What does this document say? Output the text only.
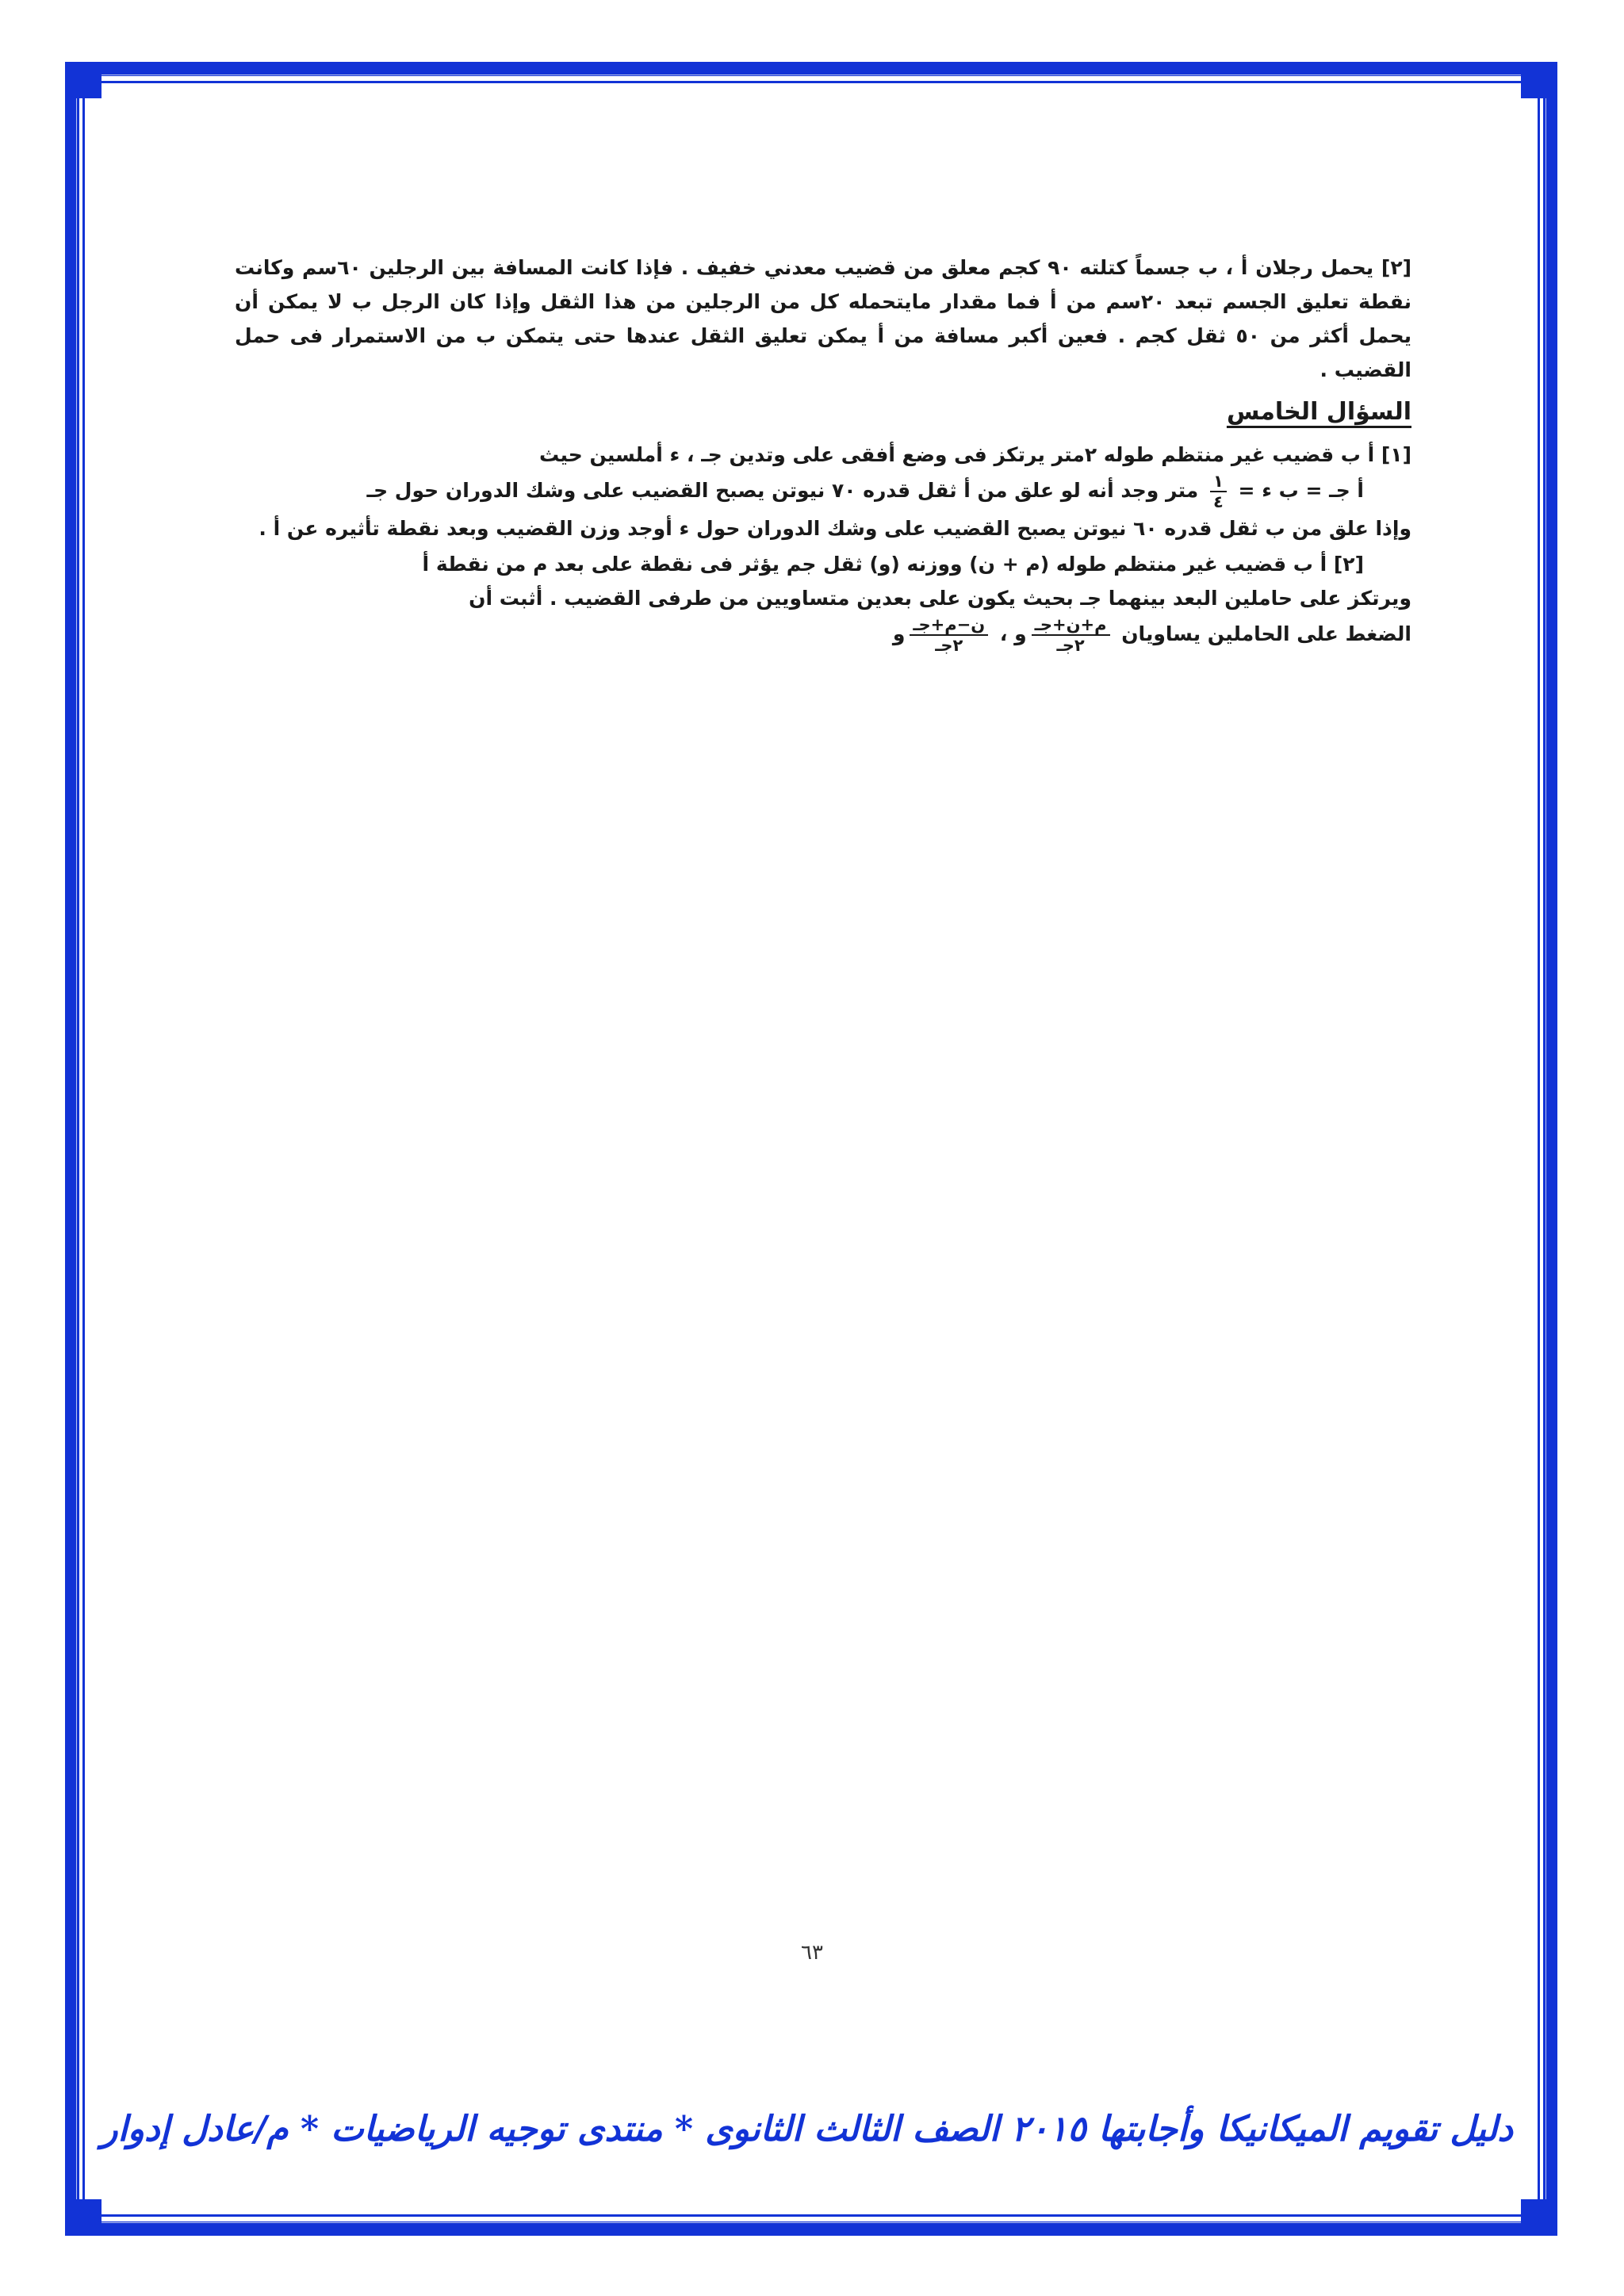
[٢] يحمل رجلان أ ، ب جسماً كتلته ٩٠ كجم معلق من قضيب معدني خفيف . فإذا كانت المسافة بين الرجلين ٦٠سم وكانت نقطة تعليق الجسم تبعد ٢٠سم من أ فما مقدار مايتحمله كل من الرجلين من هذا الثقل وإذا كان الرجل ب لا يمكن أن يحمل أكثر من ٥٠ ثقل كجم . فعين أكبر مسافة من أ يمكن تعليق الثقل عندها حتى يتمكن ب من الاستمرار فى حمل القضيب .

السؤال الخامس
[١] أ ب قضيب غير منتظم طوله ٢متر يرتكز فى وضع أفقى على وتدين جـ ، ء أملسين حيث
أ جـ = ب ء =
$\frac{١}{٤}$
متر وجد أنه لو علق من أ ثقل قدره ٧٠ نيوتن يصبح القضيب على وشك الدوران حول جـ
وإذا علق من ب ثقل قدره ٦٠ نيوتن يصبح القضيب على وشك الدوران حول ء أوجد وزن القضيب وبعد نقطة تأثيره عن أ .
[٢] أ ب قضيب غير منتظم طوله (م + ن) ووزنه (و) ثقل جم يؤثر فى نقطة على بعد م من نقطة أ
ويرتكز على حاملين البعد بينهما جـ بحيث يكون على بعدين متساويين من طرفى القضيب . أثبت أن
الضغط على الحاملين يساويان
$\frac{\text{م+ن+جـ}}{\text{٢جـ}}$
و ،
$\frac{\text{ن−م+جـ}}{\text{٢جـ}}$
و
٦٣
دليل تقويم الميكانيكا وأجابتها ٢٠١٥ الصف الثالث الثانوى * منتدى توجيه الرياضيات * م/عادل إدوار
